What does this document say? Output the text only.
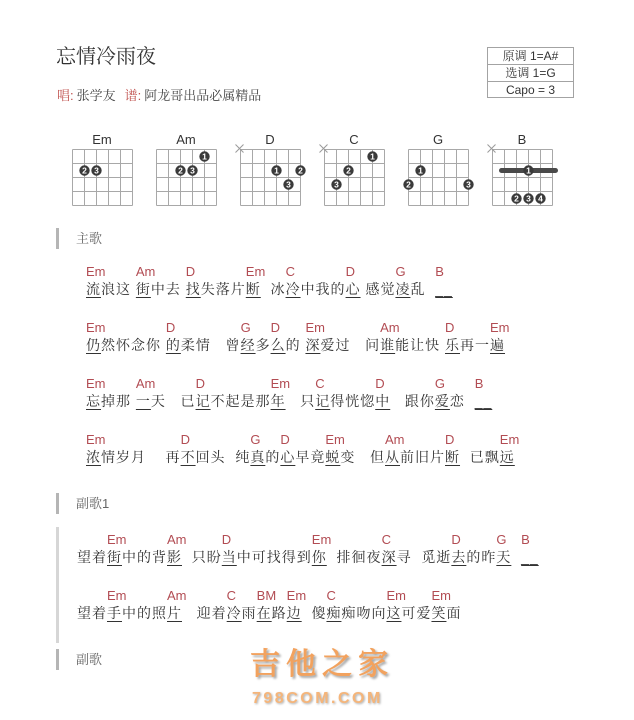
忘情冷雨夜
唱: 张学友 谱: 阿龙哥出品必属精品
原调 1=A#
选调 1=G
Capo = 3
Em
2 3
Am
1
2 3
D
1 2
3
C
1
2
3
G
1
2	3
B
1
2 3 4
主歌
Em
流浪这
Am
街中去
D
找失落片
Em
断  冰
C
冷中我的
D
心 感觉
G
凌乱
B
__
Em
仍然怀念你
D
的柔情   曾
G
经多
D
么的
Em
深爱过   问
Am
谁能让快
D
乐再一
Em
遍
Em
忘掉那
Am
一天   已
D
记不起是那
Em
年   只
C
记得恍惚
D
中   跟你
G
爱恋
B
__
Em
浓情岁月    再
D
不回头  纯
G
真的
D
心早竟
Em
蜕变   但
Am
从前旧片
D
断  已飘
Em
远
副歌1
望着
Em
街中的背
Am
影  只盼
D
当中可找得到
Em
你  排徊夜
C
深寻  觅逝
D
去的昨
G
天
B
__
望着
Em
手中的照
Am
片   迎着
C
冷雨
BM
在路
Em
边  傻
C
痴痴吻向
Em
这可爱
Em
笑面
副歌	吉他之家
798COM.COM
